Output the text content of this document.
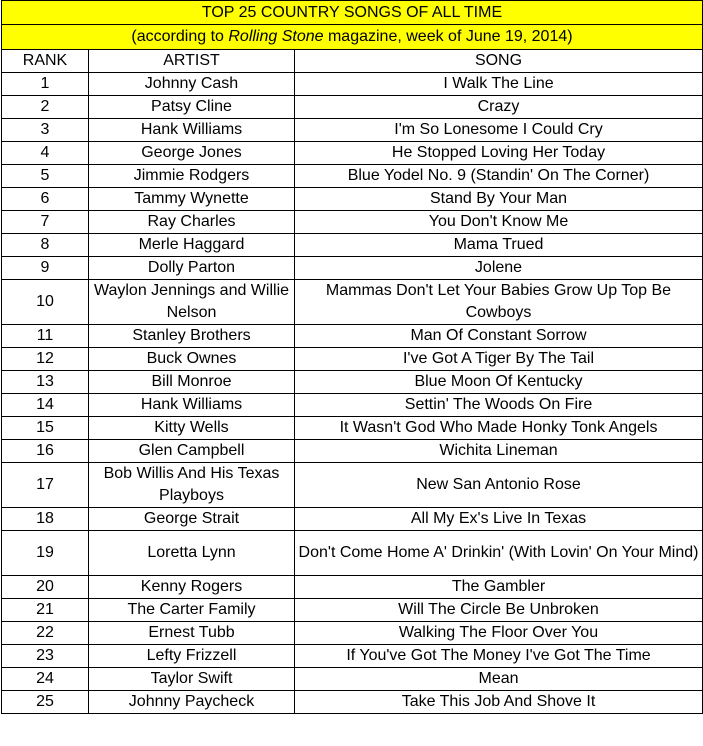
TOP 25 COUNTRY SONGS OF ALL TIME		
(according to Rolling Stone magazine, week of June 19, 2014)		
RANK	ARTIST	SONG
1	Johnny Cash	I Walk The Line
2	Patsy Cline	Crazy
3	Hank Williams	I'm So Lonesome I Could Cry
4	George Jones	He Stopped Loving Her Today
5	Jimmie Rodgers	Blue Yodel No. 9 (Standin' On The Corner)
6	Tammy Wynette	Stand By Your Man
7	Ray Charles	You Don't Know Me
8	Merle Haggard	Mama Trued
9	Dolly Parton	Jolene
10	Waylon Jennings and Willie Nelson	Mammas Don't Let Your Babies Grow Up Top Be Cowboys
11	Stanley Brothers	Man Of Constant Sorrow
12	Buck Ownes	I've Got A Tiger By The Tail
13	Bill Monroe	Blue Moon Of Kentucky
14	Hank Williams	Settin' The Woods On Fire
15	Kitty Wells	It Wasn't God Who Made Honky Tonk Angels
16	Glen Campbell	Wichita Lineman
17	Bob Willis And His Texas Playboys	New San Antonio Rose
18	George Strait	All My Ex's Live In Texas
19	Loretta Lynn	Don't Come Home A' Drinkin' (With Lovin' On Your Mind)
20	Kenny Rogers	The Gambler
21	The Carter Family	Will The Circle Be Unbroken
22	Ernest Tubb	Walking The Floor Over You
23	Lefty Frizzell	If You've Got The Money I've Got The Time
24	Taylor Swift	Mean
25	Johnny Paycheck	Take This Job And Shove It
